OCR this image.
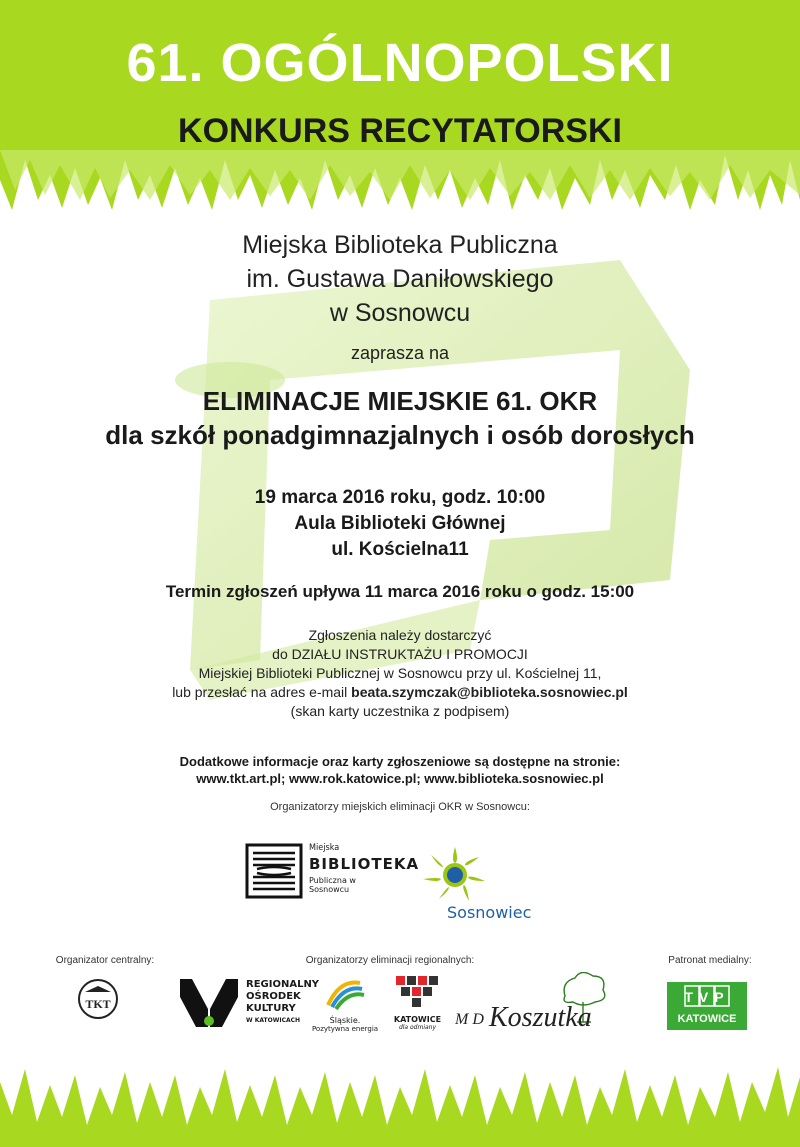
61. OGÓLNOPOLSKI
KONKURS RECYTATORSKI
Miejska Biblioteka Publiczna
im. Gustawa Daniłowskiego
w Sosnowcu
zaprasza na
ELIMINACJE MIEJSKIE 61. OKR
dla szkół ponadgimnazjalnych i osób dorosłych
19 marca 2016 roku, godz. 10:00
Aula Biblioteki Głównej
ul. Kościelna11
Termin zgłoszeń upływa 11 marca 2016 roku o godz. 15:00
Zgłoszenia należy dostarczyć
do DZIAŁU INSTRUKTAŻU I PROMOCJI
Miejskiej Biblioteki Publicznej w Sosnowcu przy ul. Kościelnej 11,
lub przesłać na adres e-mail beata.szymczak@biblioteka.sosnowiec.pl
(skan karty uczestnika z podpisem)
Dodatkowe informacje oraz karty zgłoszeniowe są dostępne na stronie:
www.tkt.art.pl; www.rok.katowice.pl; www.biblioteka.sosnowiec.pl
Organizatorzy miejskich eliminacji OKR w Sosnowcu:
Miejska
BIBLIOTEKA
Publiczna w Sosnowcu
Sosnowiec
Organizator centralny:	Organizatorzy eliminacji regionalnych:	Patronat medialny:
TKT
REGIONALNY
OŚRODEK
KULTURY
W KATOWICACH	Śląskie.
Pozytywna energia
KATOWICE
dla odmiany	M D Koszutka
TVP
KATOWICE
